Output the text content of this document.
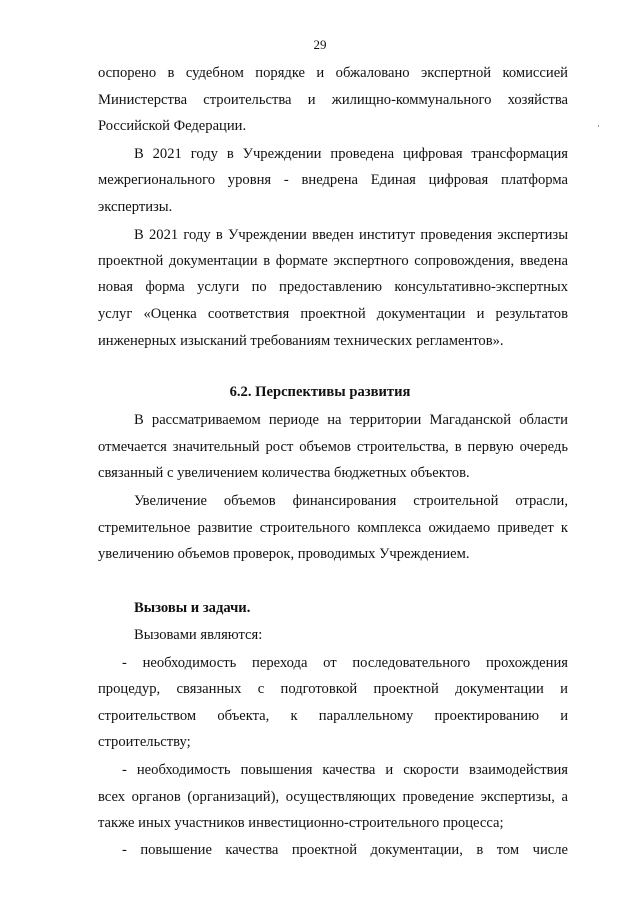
29
оспорено в судебном порядке и обжаловано экспертной комиссией
Министерства строительства и жилищно-коммунального хозяйства
Российской Федерации.
В 2021 году в Учреждении проведена цифровая трансформация
межрегионального уровня - внедрена Единая цифровая платформа
экспертизы.
В 2021 году в Учреждении введен институт проведения экспертизы
проектной документации в формате экспертного сопровождения, введена
новая форма услуги по предоставлению консультативно-экспертных
услуг «Оценка соответствия проектной документации и результатов
инженерных изысканий требованиям технических регламентов».
6.2. Перспективы развития
В рассматриваемом периоде на территории Магаданской области
отмечается значительный рост объемов строительства, в первую очередь
связанный с увеличением количества бюджетных объектов.
Увеличение объемов финансирования строительной отрасли,
стремительное развитие строительного комплекса ожидаемо приведет к
увеличению объемов проверок, проводимых Учреждением.
Вызовы и задачи.
Вызовами являются:
- необходимость перехода от последовательного прохождения
процедур, связанных с подготовкой проектной документации и
строительством объекта, к параллельному проектированию и
строительству;
- необходимость повышения качества и скорости взаимодействия
всех органов (организаций), осуществляющих проведение экспертизы, а
также иных участников инвестиционно-строительного процесса;
- повышение качества проектной документации, в том числе
